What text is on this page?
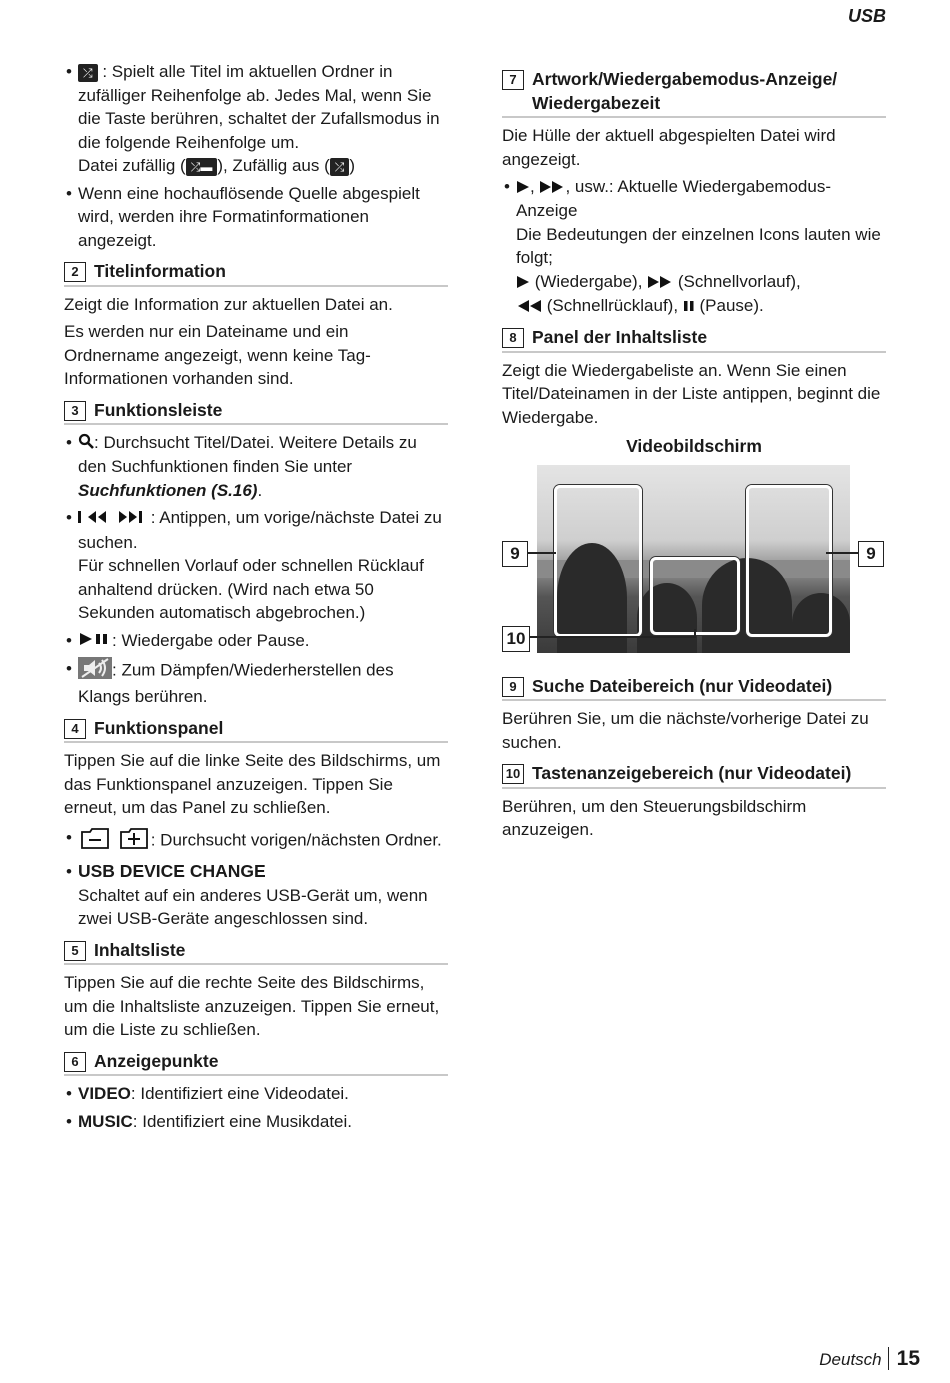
USB
• ⤮ : Spielt alle Titel im aktuellen Ordner in zufälliger Reihenfolge ab. Jedes Mal, wenn Sie die Taste berühren, schaltet der Zufallsmodus in die folgende Reihenfolge um.
Datei zufällig ( ⤮▬ ), Zufällig aus ( ⤮ )
• Wenn eine hochauflösende Quelle abgespielt wird, werden ihre Formatinformationen angezeigt.
2 Titelinformation

Zeigt die Information zur aktuellen Datei an.

Es werden nur ein Dateiname und ein Ordnername angezeigt, wenn keine Tag-Informationen vorhanden sind.

3 Funktionsleiste
• : Durchsucht Titel/Datei. Weitere Details zu den Suchfunktionen finden Sie unter Suchfunktionen (S.16).
• : Antippen, um vorige/nächste Datei zu suchen.
Für schnellen Vorlauf oder schnellen Rücklauf anhaltend drücken. (Wird nach etwa 50 Sekunden automatisch abgebrochen.)
• : Wiedergabe oder Pause.
• : Zum Dämpfen/Wiederherstellen des Klangs berühren.
4 Funktionspanel

Tippen Sie auf die linke Seite des Bildschirms, um das Funktionspanel anzuzeigen. Tippen Sie erneut, um das Panel zu schließen.

• : Durchsucht vorigen/nächsten Ordner.
• USB DEVICE CHANGE
Schaltet auf ein anderes USB-Gerät um, wenn zwei USB-Geräte angeschlossen sind.
5 Inhaltsliste

Tippen Sie auf die rechte Seite des Bildschirms, um die Inhaltsliste anzuzeigen. Tippen Sie erneut, um die Liste zu schließen.

6 Anzeigepunkte
• VIDEO: Identifiziert eine Videodatei.
• MUSIC: Identifiziert eine Musikdatei.
7 Artwork/Wiedergabemodus-Anzeige/ Wiedergabezeit

Die Hülle der aktuell abgespielten Datei wird angezeigt.

• , , usw.: Aktuelle Wiedergabemodus-Anzeige
Die Bedeutungen der einzelnen Icons lauten wie folgt;
(Wiedergabe),  (Schnellvorlauf),
(Schnellrücklauf),  (Pause).
8 Panel der Inhaltsliste

Zeigt die Wiedergabeliste an. Wenn Sie einen Titel/Dateinamen in der Liste antippen, beginnt die Wiedergabe.

Videobildschirm
9	9
10
9 Suche Dateibereich (nur Videodatei)

Berühren Sie, um die nächste/vorherige Datei zu suchen.

10 Tastenanzeigebereich (nur Videodatei)

Berühren, um den Steuerungsbildschirm anzuzeigen.

Deutsch 15
